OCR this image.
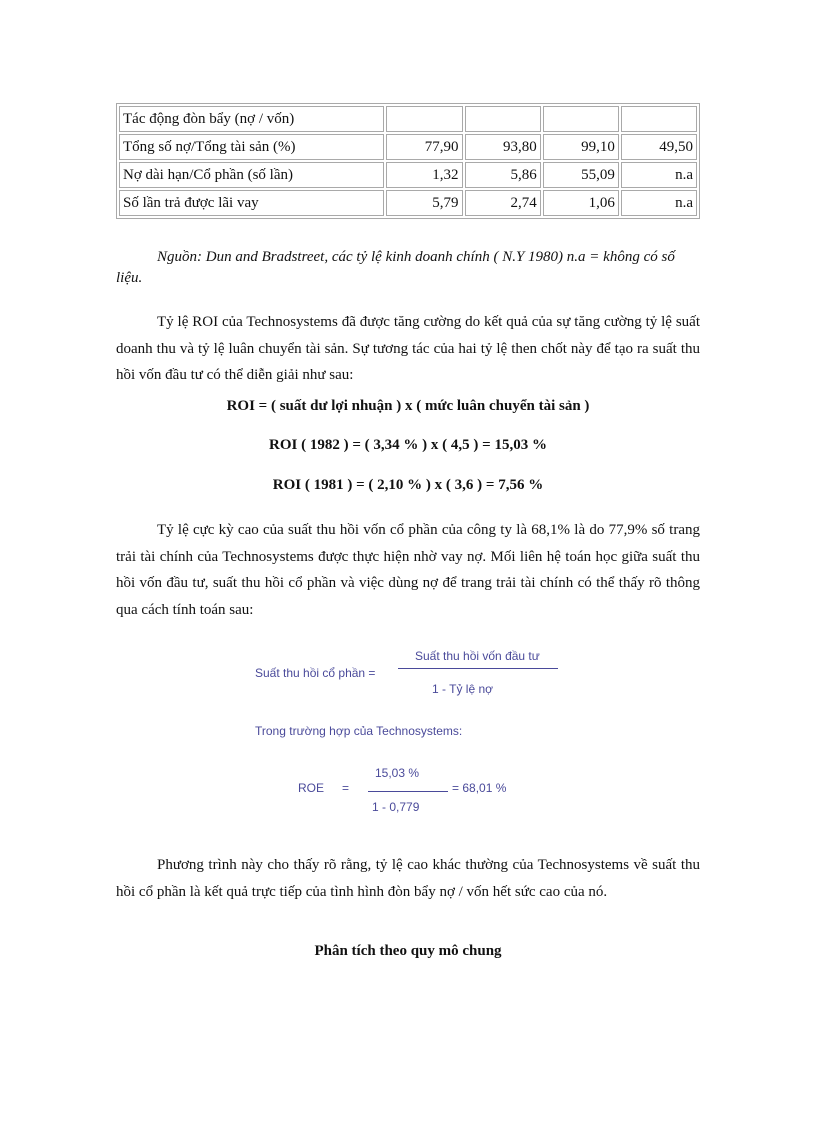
Tác động đòn bẩy (nợ / vốn)				
Tổng số nợ/Tổng tài sản (%)	77,90	93,80	99,10	49,50
Nợ dài hạn/Cổ phần (số lần)	1,32	5,86	55,09	n.a
Số lần trả được lãi vay	5,79	2,74	1,06	n.a
Nguồn: Dun and Bradstreet, các tỷ lệ kinh doanh chính ( N.Y 1980) n.a = không có số liệu.
Tỷ lệ ROI của Technosystems đã được tăng cường do kết quả của sự tăng cường tỷ lệ suất doanh thu và tỷ lệ luân chuyển tài sản. Sự tương tác của hai tỷ lệ then chốt này để tạo ra suất thu hồi vốn đầu tư có thể diễn giải như sau:
ROI = ( suất dư lợi nhuận ) x ( mức luân chuyển tài sản )
ROI ( 1982 ) = ( 3,34 % ) x ( 4,5 ) = 15,03 %
ROI ( 1981 ) = ( 2,10 % ) x ( 3,6 ) = 7,56 %
Tỷ lệ cực kỳ cao của suất thu hồi vốn cổ phần của công ty là 68,1% là do 77,9% số trang trải tài chính của Technosystems được thực hiện nhờ vay nợ. Mối liên hệ toán học giữa suất thu hồi vốn đầu tư, suất thu hồi cổ phần và việc dùng nợ để trang trải tài chính có thể thấy rõ thông qua cách tính toán sau:
Suất thu hồi cổ phần =
Suất thu hồi vốn đầu tư
1 - Tỷ lệ nợ
Trong trường hợp của Technosystems:
ROE =
15,03 %
1 - 0,779
= 68,01 %
Phương trình này cho thấy rõ rằng, tỷ lệ cao khác thường của Technosystems về suất thu hồi cổ phần là kết quả trực tiếp của tình hình đòn bẩy nợ / vốn hết sức cao của nó.
Phân tích theo quy mô chung
